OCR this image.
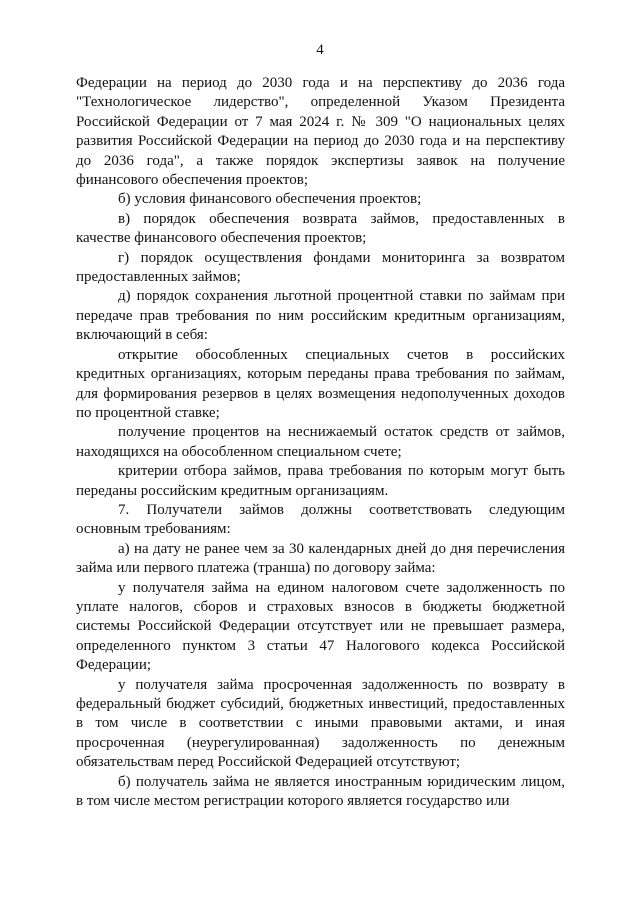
4

Федерации на период до 2030 года и на перспективу до 2036 года "Технологическое лидерство", определенной Указом Президента Российской Федерации от 7 мая 2024 г. № 309 "О национальных целях развития Российской Федерации на период до 2030 года и на перспективу до 2036 года", а также порядок экспертизы заявок на получение финансового обеспечения проектов;

б) условия финансового обеспечения проектов;

в) порядок обеспечения возврата займов, предоставленных в качестве финансового обеспечения проектов;

г) порядок осуществления фондами мониторинга за возвратом предоставленных займов;

д) порядок сохранения льготной процентной ставки по займам при передаче прав требования по ним российским кредитным организациям, включающий в себя:

открытие обособленных специальных счетов в российских кредитных организациях, которым переданы права требования по займам, для формирования резервов в целях возмещения недополученных доходов по процентной ставке;

получение процентов на неснижаемый остаток средств от займов, находящихся на обособленном специальном счете;

критерии отбора займов, права требования по которым могут быть переданы российским кредитным организациям.

7. Получатели займов должны соответствовать следующим основным требованиям:

а) на дату не ранее чем за 30 календарных дней до дня перечисления займа или первого платежа (транша) по договору займа:

у получателя займа на едином налоговом счете задолженность по уплате налогов, сборов и страховых взносов в бюджеты бюджетной системы Российской Федерации отсутствует или не превышает размера, определенного пунктом 3 статьи 47 Налогового кодекса Российской Федерации;

у получателя займа просроченная задолженность по возврату в федеральный бюджет субсидий, бюджетных инвестиций, предоставленных в том числе в соответствии с иными правовыми актами, и иная просроченная (неурегулированная) задолженность по денежным обязательствам перед Российской Федерацией отсутствуют;

б) получатель займа не является иностранным юридическим лицом, в том числе местом регистрации которого является государство или
